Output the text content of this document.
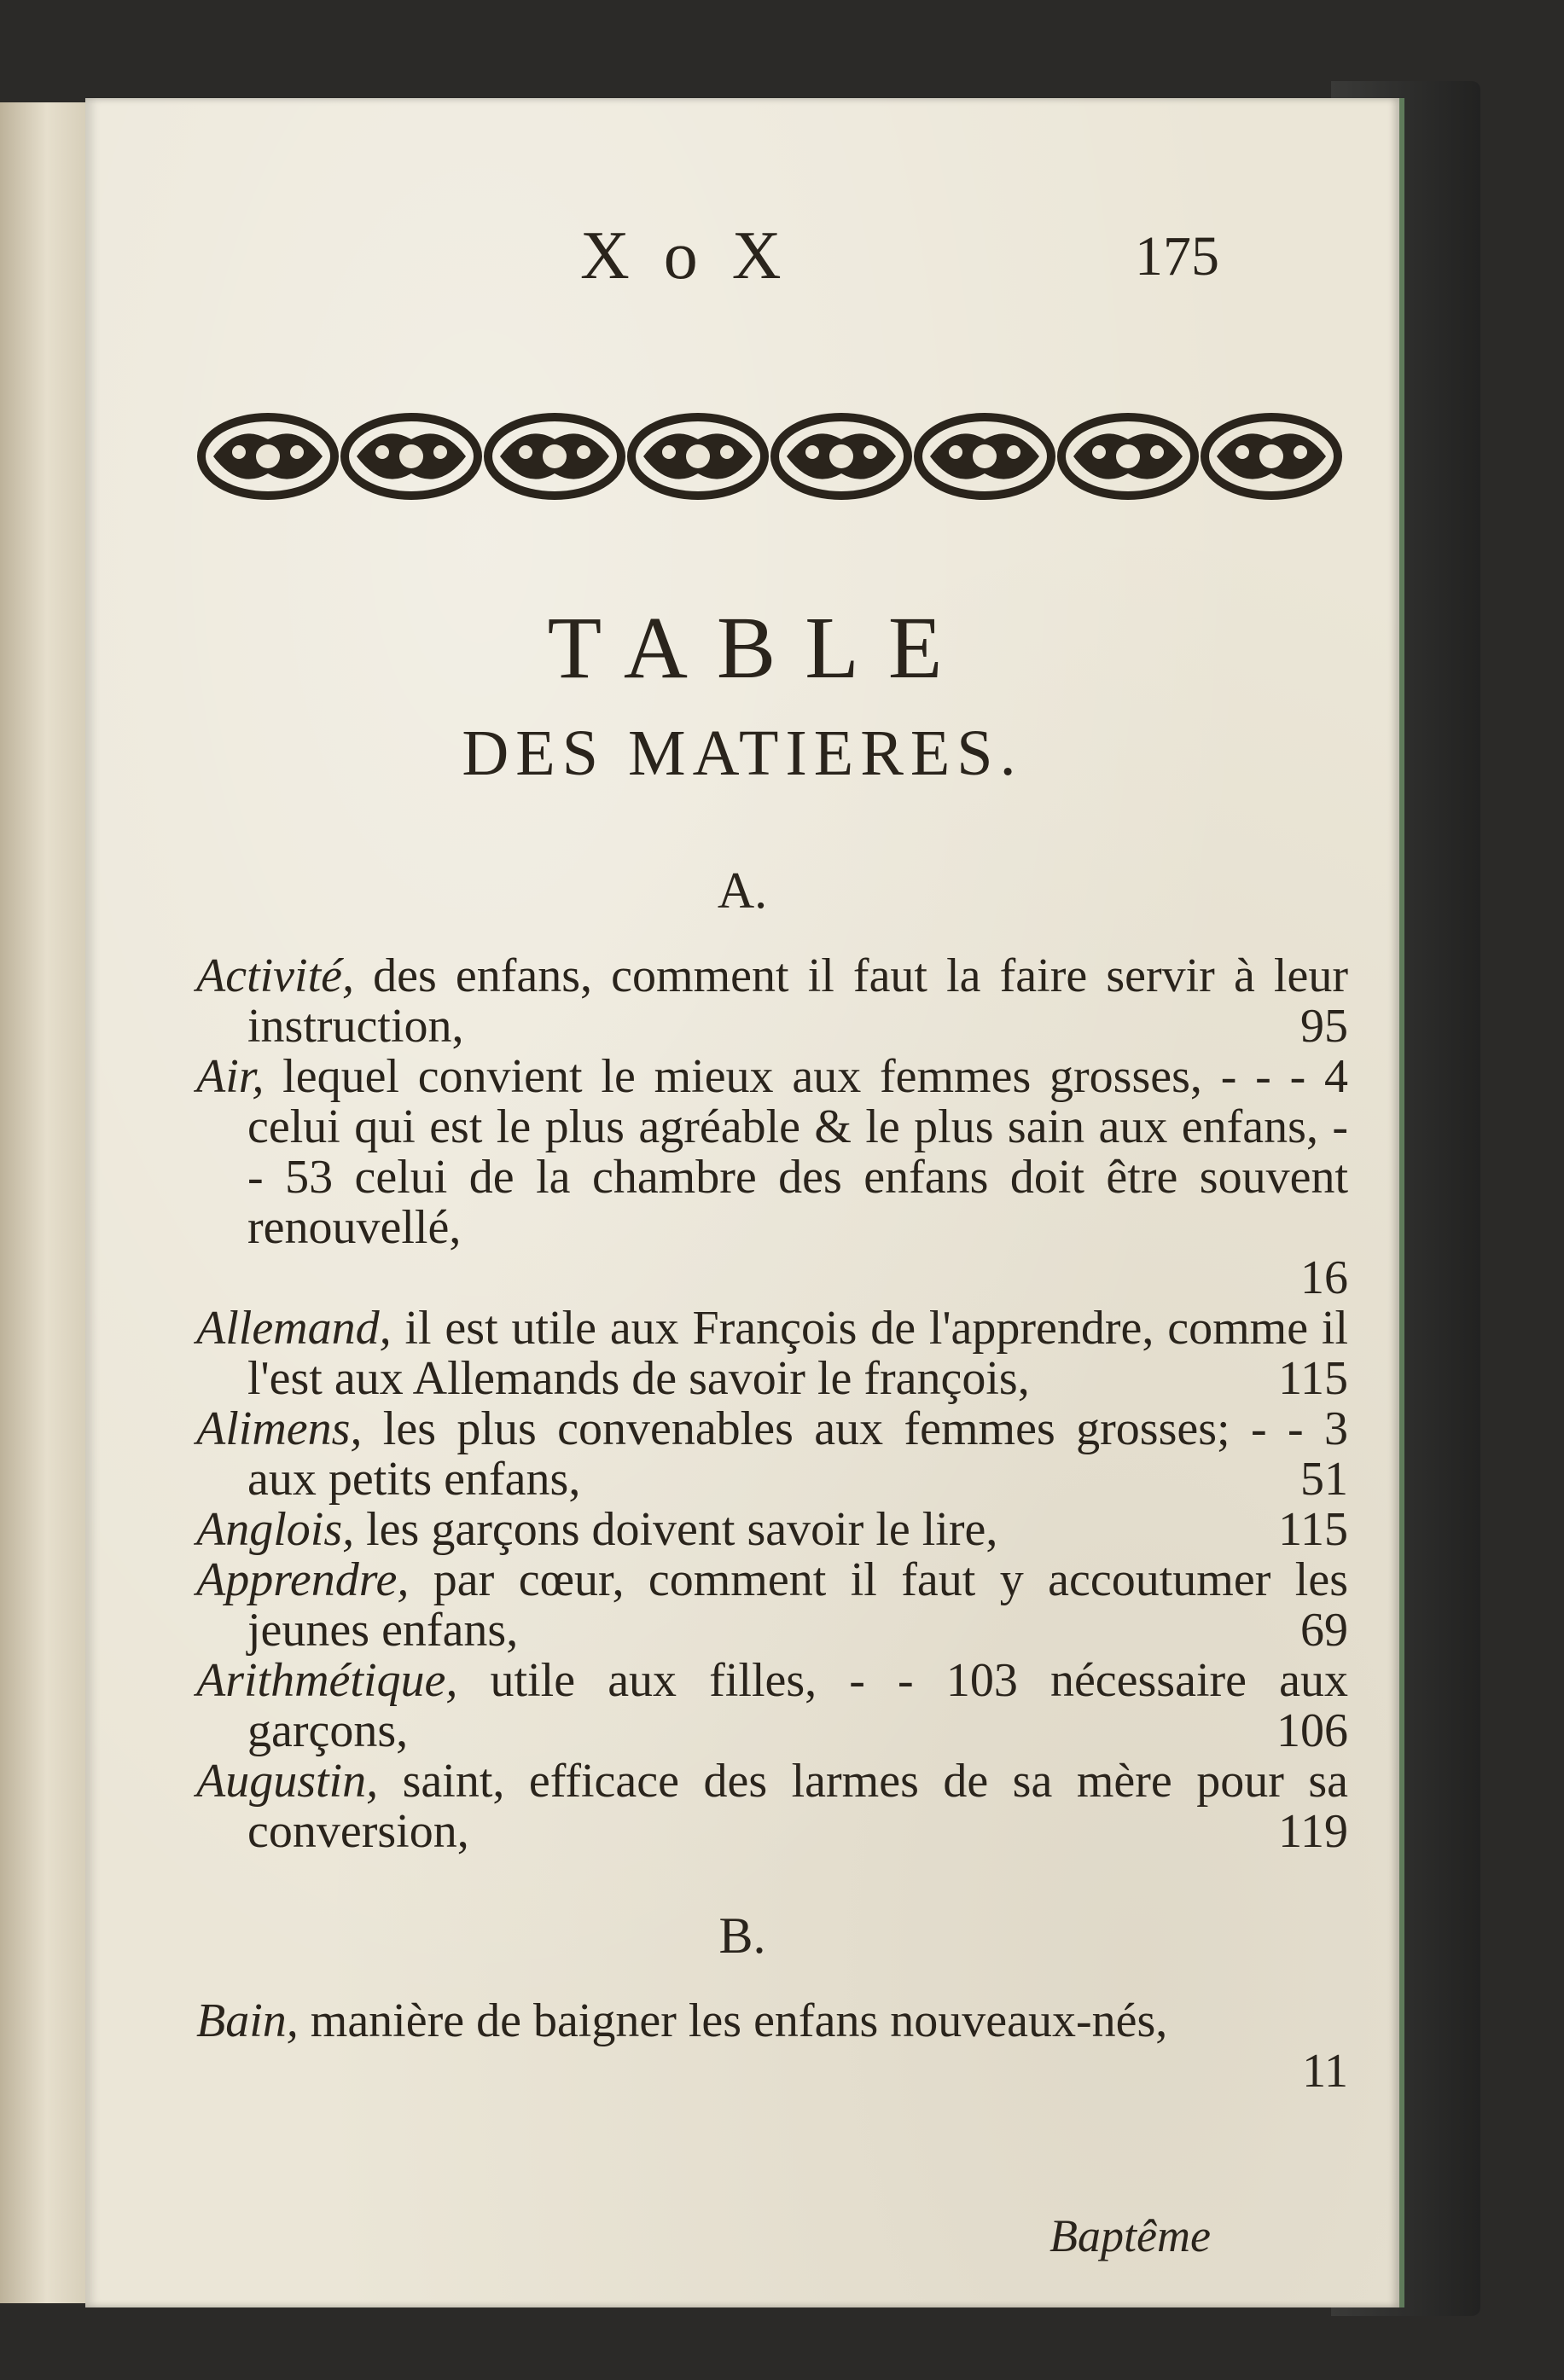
X o X	175
TABLE
DES MATIERES.
A.

Activité, des enfans, comment il faut la faire servir à leur instruction,	95

Air, lequel convient le mieux aux femmes grosses, - - - 4 celui qui est le plus agréable & le plus sain aux enfans, - - 53 celui de la chambre des enfans doit être souvent renouvellé,
16

Allemand, il est utile aux François de l'apprendre, comme il l'est aux Allemands de savoir le françois,	115

Alimens, les plus convenables aux femmes grosses; - - 3 aux petits enfans,	51

Anglois, les garçons doivent savoir le lire,	115

Apprendre, par cœur, comment il faut y accoutumer les jeunes enfans,	69

Arithmétique, utile aux filles, - - 103 nécessaire aux garçons,	106

Augustin, saint, efficace des larmes de sa mère pour sa conversion,	119

B.

Bain, manière de baigner les enfans nouveaux-nés,
11

Baptême
